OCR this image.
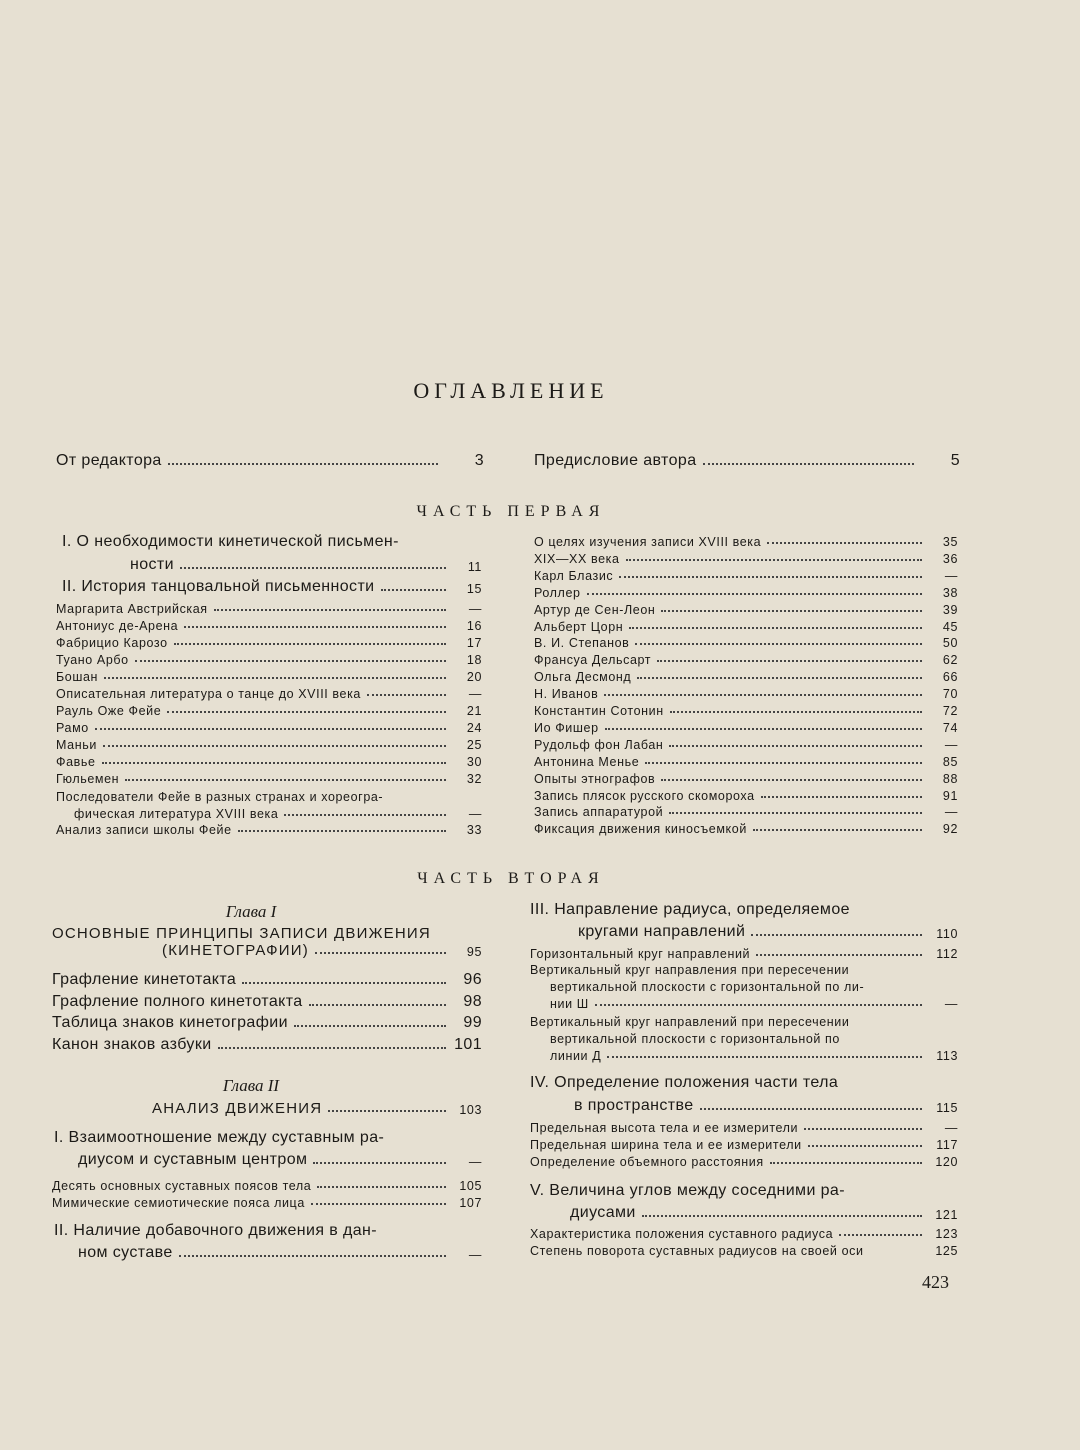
ОГЛАВЛЕНИЕ
От редактора	3	Предисловие автора	5
ЧАСТЬ ПЕРВАЯ
I. О необходимости кинетической письмен-
ности	11
II. История танцовальной письменности	15
Маргарита Австрийская	—
Антониус де-Арена	16
Фабрицио Карозо	17
Туано Арбо	18
Бошан	20
Описательная литература о танце до XVIII века	—
Рауль Оже Фейе	21
Рамо	24
Маньи	25
Фавье	30
Гюльемен	32
Последователи Фейе в разных странах и хореогра-
фическая литература XVIII века	—
Анализ записи школы Фейе	33
О целях изучения записи XVIII века	35
XIX—XX века	36
Карл Блазис	—
Роллер	38
Артур де Сен-Леон	39
Альберт Цорн	45
В. И. Степанов	50
Франсуа Дельсарт	62
Ольга Десмонд	66
Н. Иванов	70
Константин Сотонин	72
Ио Фишер	74
Рудольф фон Лабан	—
Антонина Менье	85
Опыты этнографов	88
Запись плясок русского скомороха	91
Запись аппаратурой	—
Фиксация движения киносъемкой	92
ЧАСТЬ ВТОРАЯ
Глава I
ОСНОВНЫЕ ПРИНЦИПЫ ЗАПИСИ ДВИЖЕНИЯ
(КИНЕТОГРАФИИ)	95
Графление кинетотакта	96
Графление полного кинетотакта	98
Таблица знаков кинетографии	99
Канон знаков азбуки	101
Глава II
АНАЛИЗ ДВИЖЕНИЯ	103
I. Взаимоотношение между суставным ра-
диусом и суставным центром	—
Десять основных суставных поясов тела	105
Мимические семиотические пояса лица	107
II. Наличие добавочного движения в дан-
ном суставе	—
III. Направление радиуса, определяемое
кругами направлений	110
Горизонтальный круг направлений	112
Вертикальный круг направления при пересечении
вертикальной плоскости с горизонтальной по ли-
нии Ш	—
Вертикальный круг направлений при пересечении
вертикальной плоскости с горизонтальной по
линии Д	113
IV. Определение положения части тела
в пространстве	115
Предельная высота тела и ее измерители	—
Предельная ширина тела и ее измерители	117
Определение объемного расстояния	120
V. Величина углов между соседними ра-
диусами	121
Характеристика положения суставного радиуса	123
Степень поворота суставных радиусов на своей оси	125
423
